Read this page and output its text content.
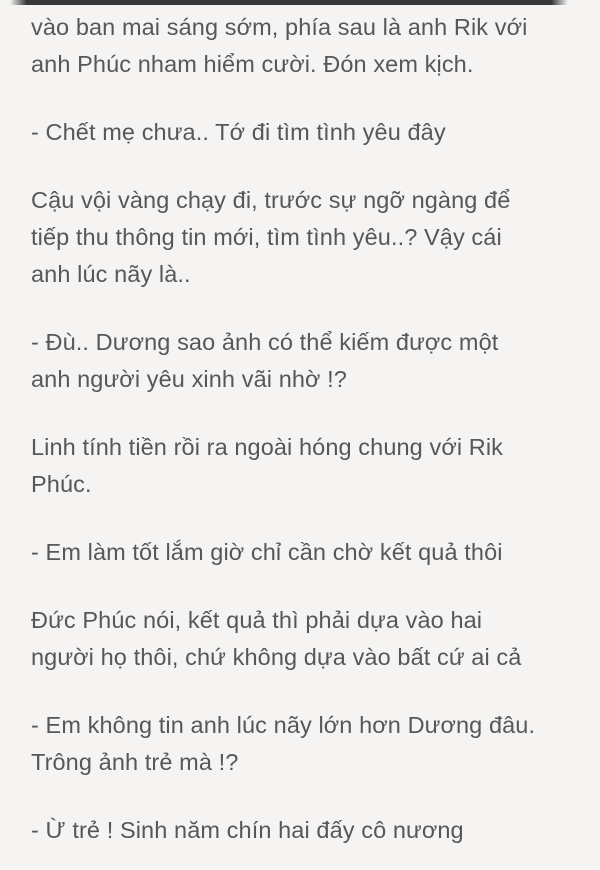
vào ban mai sáng sớm, phía sau là anh Rik với
anh Phúc nham hiểm cười. Đón xem kịch.
- Chết mẹ chưa.. Tớ đi tìm tình yêu đây
Cậu vội vàng chạy đi, trước sự ngỡ ngàng để
tiếp thu thông tin mới, tìm tình yêu..? Vậy cái
anh lúc nãy là..
- Đù.. Dương sao ảnh có thể kiếm được một
anh người yêu xinh vãi nhờ !?
Linh tính tiền rồi ra ngoài hóng chung với Rik
Phúc.
- Em làm tốt lắm giờ chỉ cần chờ kết quả thôi
Đức Phúc nói, kết quả thì phải dựa vào hai
người họ thôi, chứ không dựa vào bất cứ ai cả
- Em không tin anh lúc nãy lớn hơn Dương đâu.
Trông ảnh trẻ mà !?
- Ừ trẻ ! Sinh năm chín hai đấy cô nương
